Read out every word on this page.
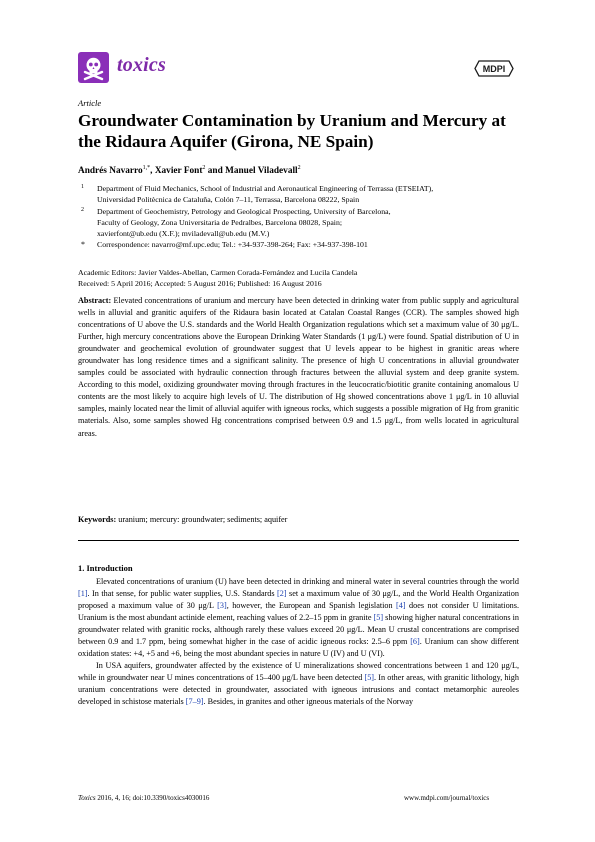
toxics	MDPI
Article
Groundwater Contamination by Uranium and Mercury at the Ridaura Aquifer (Girona, NE Spain)
Andrés Navarro$^{1,*}$, Xavier Font$^2$ and Manuel Viladevall$^2$
1 Department of Fluid Mechanics, School of Industrial and Aeronautical Engineering of Terrassa (ETSEIAT),
Universidad Politècnica de Cataluña, Colón 7–11, Terrassa, Barcelona 08222, Spain
2 Department of Geochemistry, Petrology and Geological Prospecting, University of Barcelona,
Faculty of Geology, Zona Universitaria de Pedralbes, Barcelona 08028, Spain;
xavierfont@ub.edu (X.F.); mviladevall@ub.edu (M.V.)
* Correspondence: navarro@mf.upc.edu; Tel.: +34-937-398-264; Fax: +34-937-398-101
Academic Editors: Javier Valdes-Abellan, Carmen Corada-Fernández and Lucila Candela
Received: 5 April 2016; Accepted: 5 August 2016; Published: 16 August 2016
Abstract: Elevated concentrations of uranium and mercury have been detected in drinking water from public supply and agricultural wells in alluvial and granitic aquifers of the Ridaura basin located at Catalan Coastal Ranges (CCR). The samples showed high concentrations of U above the U.S. standards and the World Health Organization regulations which set a maximum value of 30 μg/L. Further, high mercury concentrations above the European Drinking Water Standards (1 μg/L) were found. Spatial distribution of U in groundwater and geochemical evolution of groundwater suggest that U levels appear to be highest in granitic areas where groundwater has long residence times and a significant salinity. The presence of high U concentrations in alluvial groundwater samples could be associated with hydraulic connection through fractures between the alluvial system and deep granite system. According to this model, oxidizing groundwater moving through fractures in the leucocratic/biotitic granite containing anomalous U contents are the most likely to acquire high levels of U. The distribution of Hg showed concentrations above 1 μg/L in 10 alluvial samples, mainly located near the limit of alluvial aquifer with igneous rocks, which suggests a possible migration of Hg from granitic materials. Also, some samples showed Hg concentrations comprised between 0.9 and 1.5 μg/L, from wells located in agricultural areas.
Keywords: uranium; mercury: groundwater; sediments; aquifer
1. Introduction

Elevated concentrations of uranium (U) have been detected in drinking and mineral water in several countries through the world [1]. In that sense, for public water supplies, U.S. Standards [2] set a maximum value of 30 μg/L, and the World Health Organization proposed a maximum value of 30 μg/L [3], however, the European and Spanish legislation [4] does not consider U limitations. Uranium is the most abundant actinide element, reaching values of 2.2–15 ppm in granite [5] showing higher natural concentrations in groundwater related with granitic rocks, although rarely these values exceed 20 μg/L. Mean U crustal concentrations are comprised between 0.9 and 1.7 ppm, being somewhat higher in the case of acidic igneous rocks: 2.5–6 ppm [6]. Uranium can show different oxidation states: +4, +5 and +6, being the most abundant species in nature U (IV) and U (VI).

In USA aquifers, groundwater affected by the existence of U mineralizations showed concentrations between 1 and 120 μg/L, while in groundwater near U mines concentrations of 15–400 μg/L have been detected [5]. In other areas, with granitic lithology, high uranium concentrations were detected in groundwater, associated with igneous intrusions and contact metamorphic aureoles developed in schistose materials [7–9]. Besides, in granites and other igneous materials of the Norway

Toxics 2016, 4, 16; doi:10.3390/toxics4030016	www.mdpi.com/journal/toxics
